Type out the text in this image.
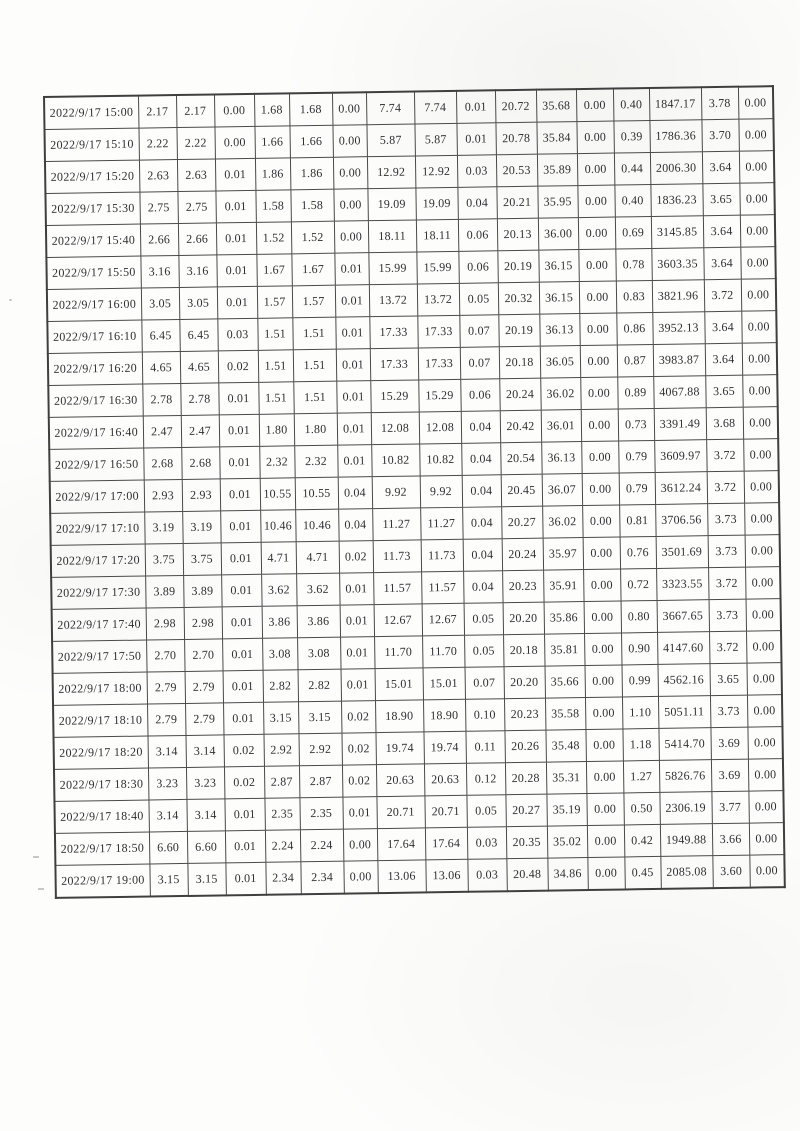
2022/9/17 15:00	2.17	2.17	0.00	1.68	1.68	0.00	7.74	7.74	0.01	20.72	35.68	0.00	0.40	1847.17	3.78	0.00
2022/9/17 15:10	2.22	2.22	0.00	1.66	1.66	0.00	5.87	5.87	0.01	20.78	35.84	0.00	0.39	1786.36	3.70	0.00
2022/9/17 15:20	2.63	2.63	0.01	1.86	1.86	0.00	12.92	12.92	0.03	20.53	35.89	0.00	0.44	2006.30	3.64	0.00
2022/9/17 15:30	2.75	2.75	0.01	1.58	1.58	0.00	19.09	19.09	0.04	20.21	35.95	0.00	0.40	1836.23	3.65	0.00
2022/9/17 15:40	2.66	2.66	0.01	1.52	1.52	0.00	18.11	18.11	0.06	20.13	36.00	0.00	0.69	3145.85	3.64	0.00
2022/9/17 15:50	3.16	3.16	0.01	1.67	1.67	0.01	15.99	15.99	0.06	20.19	36.15	0.00	0.78	3603.35	3.64	0.00
2022/9/17 16:00	3.05	3.05	0.01	1.57	1.57	0.01	13.72	13.72	0.05	20.32	36.15	0.00	0.83	3821.96	3.72	0.00
2022/9/17 16:10	6.45	6.45	0.03	1.51	1.51	0.01	17.33	17.33	0.07	20.19	36.13	0.00	0.86	3952.13	3.64	0.00
2022/9/17 16:20	4.65	4.65	0.02	1.51	1.51	0.01	17.33	17.33	0.07	20.18	36.05	0.00	0.87	3983.87	3.64	0.00
2022/9/17 16:30	2.78	2.78	0.01	1.51	1.51	0.01	15.29	15.29	0.06	20.24	36.02	0.00	0.89	4067.88	3.65	0.00
2022/9/17 16:40	2.47	2.47	0.01	1.80	1.80	0.01	12.08	12.08	0.04	20.42	36.01	0.00	0.73	3391.49	3.68	0.00
2022/9/17 16:50	2.68	2.68	0.01	2.32	2.32	0.01	10.82	10.82	0.04	20.54	36.13	0.00	0.79	3609.97	3.72	0.00
2022/9/17 17:00	2.93	2.93	0.01	10.55	10.55	0.04	9.92	9.92	0.04	20.45	36.07	0.00	0.79	3612.24	3.72	0.00
2022/9/17 17:10	3.19	3.19	0.01	10.46	10.46	0.04	11.27	11.27	0.04	20.27	36.02	0.00	0.81	3706.56	3.73	0.00
2022/9/17 17:20	3.75	3.75	0.01	4.71	4.71	0.02	11.73	11.73	0.04	20.24	35.97	0.00	0.76	3501.69	3.73	0.00
2022/9/17 17:30	3.89	3.89	0.01	3.62	3.62	0.01	11.57	11.57	0.04	20.23	35.91	0.00	0.72	3323.55	3.72	0.00
2022/9/17 17:40	2.98	2.98	0.01	3.86	3.86	0.01	12.67	12.67	0.05	20.20	35.86	0.00	0.80	3667.65	3.73	0.00
2022/9/17 17:50	2.70	2.70	0.01	3.08	3.08	0.01	11.70	11.70	0.05	20.18	35.81	0.00	0.90	4147.60	3.72	0.00
2022/9/17 18:00	2.79	2.79	0.01	2.82	2.82	0.01	15.01	15.01	0.07	20.20	35.66	0.00	0.99	4562.16	3.65	0.00
2022/9/17 18:10	2.79	2.79	0.01	3.15	3.15	0.02	18.90	18.90	0.10	20.23	35.58	0.00	1.10	5051.11	3.73	0.00
2022/9/17 18:20	3.14	3.14	0.02	2.92	2.92	0.02	19.74	19.74	0.11	20.26	35.48	0.00	1.18	5414.70	3.69	0.00
2022/9/17 18:30	3.23	3.23	0.02	2.87	2.87	0.02	20.63	20.63	0.12	20.28	35.31	0.00	1.27	5826.76	3.69	0.00
2022/9/17 18:40	3.14	3.14	0.01	2.35	2.35	0.01	20.71	20.71	0.05	20.27	35.19	0.00	0.50	2306.19	3.77	0.00
2022/9/17 18:50	6.60	6.60	0.01	2.24	2.24	0.00	17.64	17.64	0.03	20.35	35.02	0.00	0.42	1949.88	3.66	0.00
2022/9/17 19:00	3.15	3.15	0.01	2.34	2.34	0.00	13.06	13.06	0.03	20.48	34.86	0.00	0.45	2085.08	3.60	0.00
